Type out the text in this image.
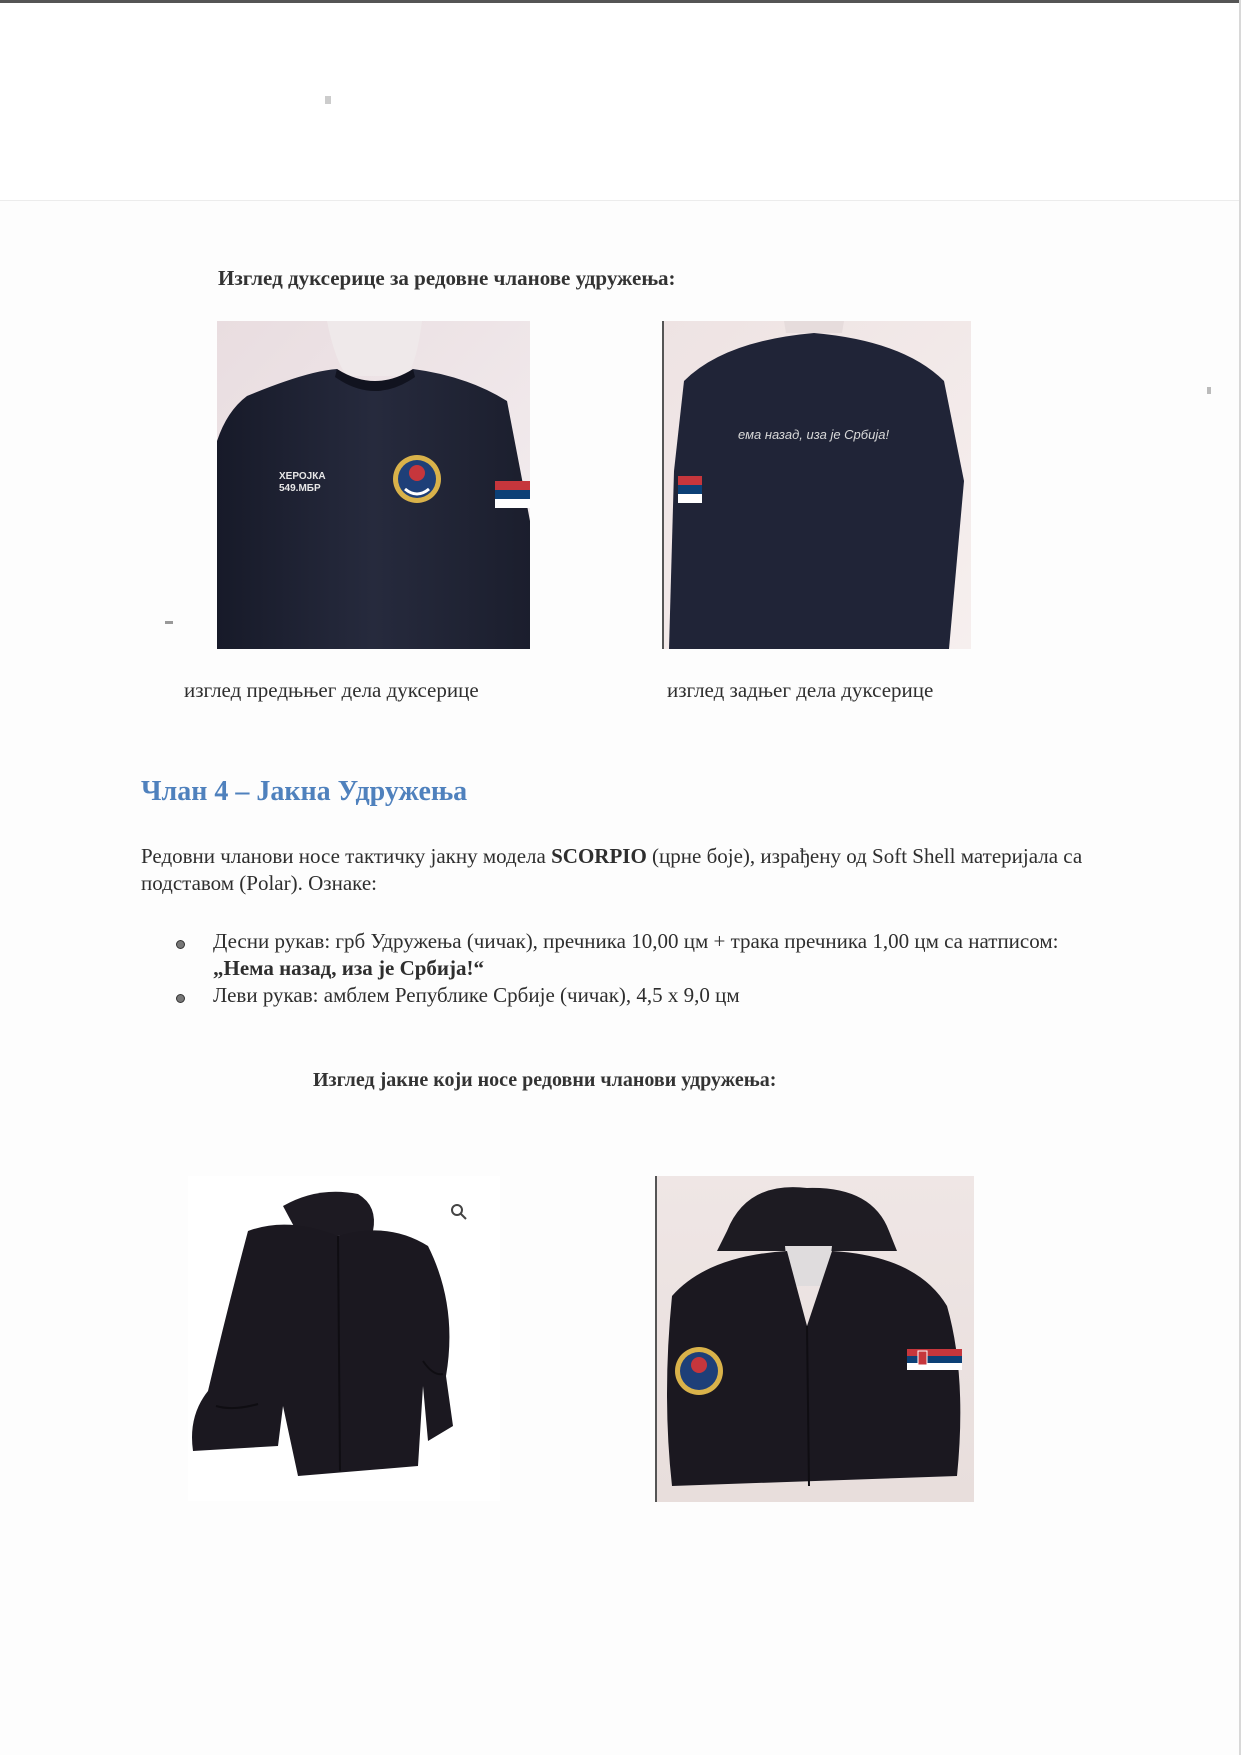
Изглед дуксерице за редовне чланове удружења:
ХЕРОЈКА
549.МБР
ема назад, иза је Србија!
изглед предњњег дела дуксерице	изглед задњег дела дуксерице
Члан 4 – Јакна Удружења
Редовни чланови носе тактичку јакну модела SCORPIO (црне боје), израђену од Soft Shell материјала са подставом (Polar). Ознаке:
Десни рукав: грб Удружења (чичак), пречника 10,00 цм + трака пречника 1,00 цм са натписом:
„Нема назад, иза је Србија!“
Леви рукав: амблем Републике Србије (чичак), 4,5 х 9,0 цм
Изглед јакне који носе редовни чланови удружења:
